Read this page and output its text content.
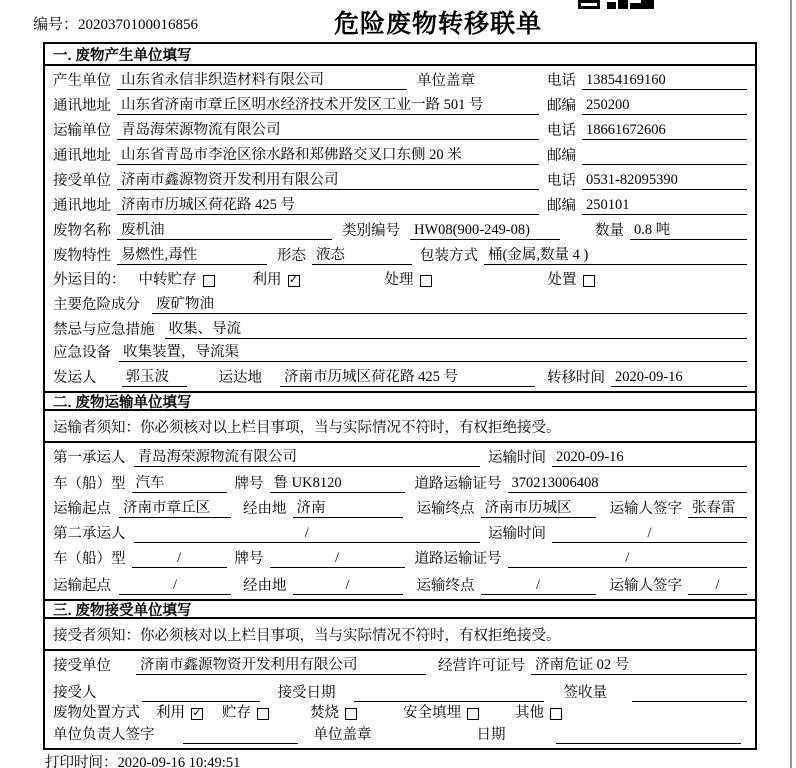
编号：2020370100016856	危险废物转移联单
一. 废物产生单位填写
产生单位 山东省永信非织造材料有限公司	单位盖章	电话 13854169160
通讯地址 山东省济南市章丘区明水经济技术开发区工业一路 501 号	邮编 250200
运输单位 青岛海荣源物流有限公司	电话 18661672606
通讯地址 山东省青岛市李沧区徐水路和郑佛路交叉口东侧 20 米	邮编
接受单位 济南市鑫源物资开发利用有限公司	电话 0531-82095390
通讯地址 济南市历城区荷花路 425 号	邮编 250101
废物名称 废机油	类别编号 HW08(900-249-08)	数量 0.8 吨
废物特性 易燃性,毒性	形态 液态	包装方式 桶(金属,数量 4 )
外运目的： 中转贮存	利用 ✓	处理	处置
主要危险成分 废矿物油
禁忌与应急措施 收集、导流
应急设备 收集装置，导流渠
发运人 郭玉波	运达地 济南市历城区荷花路 425 号	转移时间 2020-09-16
二. 废物运输单位填写
运输者须知：你必须核对以上栏目事项，当与实际情况不符时，有权拒绝接受。
第一承运人 青岛海荣源物流有限公司	运输时间 2020-09-16
车（船）型 汽车	牌号 鲁 UK8120	道路运输证号 370213006408
运输起点 济南市章丘区	经由地 济南	运输终点 济南市历城区	运输人签字 张春雷
第二承运人	/	运输时间	/
车（船）型	/	牌号	/	道路运输证号	/
运输起点	/	经由地	/	运输终点	/	运输人签字	/
三. 废物接受单位填写
接受者须知：你必须核对以上栏目事项，当与实际情况不符时，有权拒绝接受。
接受单位 济南市鑫源物资开发利用有限公司	经营许可证号 济南危证 02 号
接受人	接受日期	签收量
废物处置方式 利用 ✓ 贮存	焚烧	安全填埋	其他
单位负责人签字	单位盖章	日期
打印时间：2020-09-16 10:49:51
